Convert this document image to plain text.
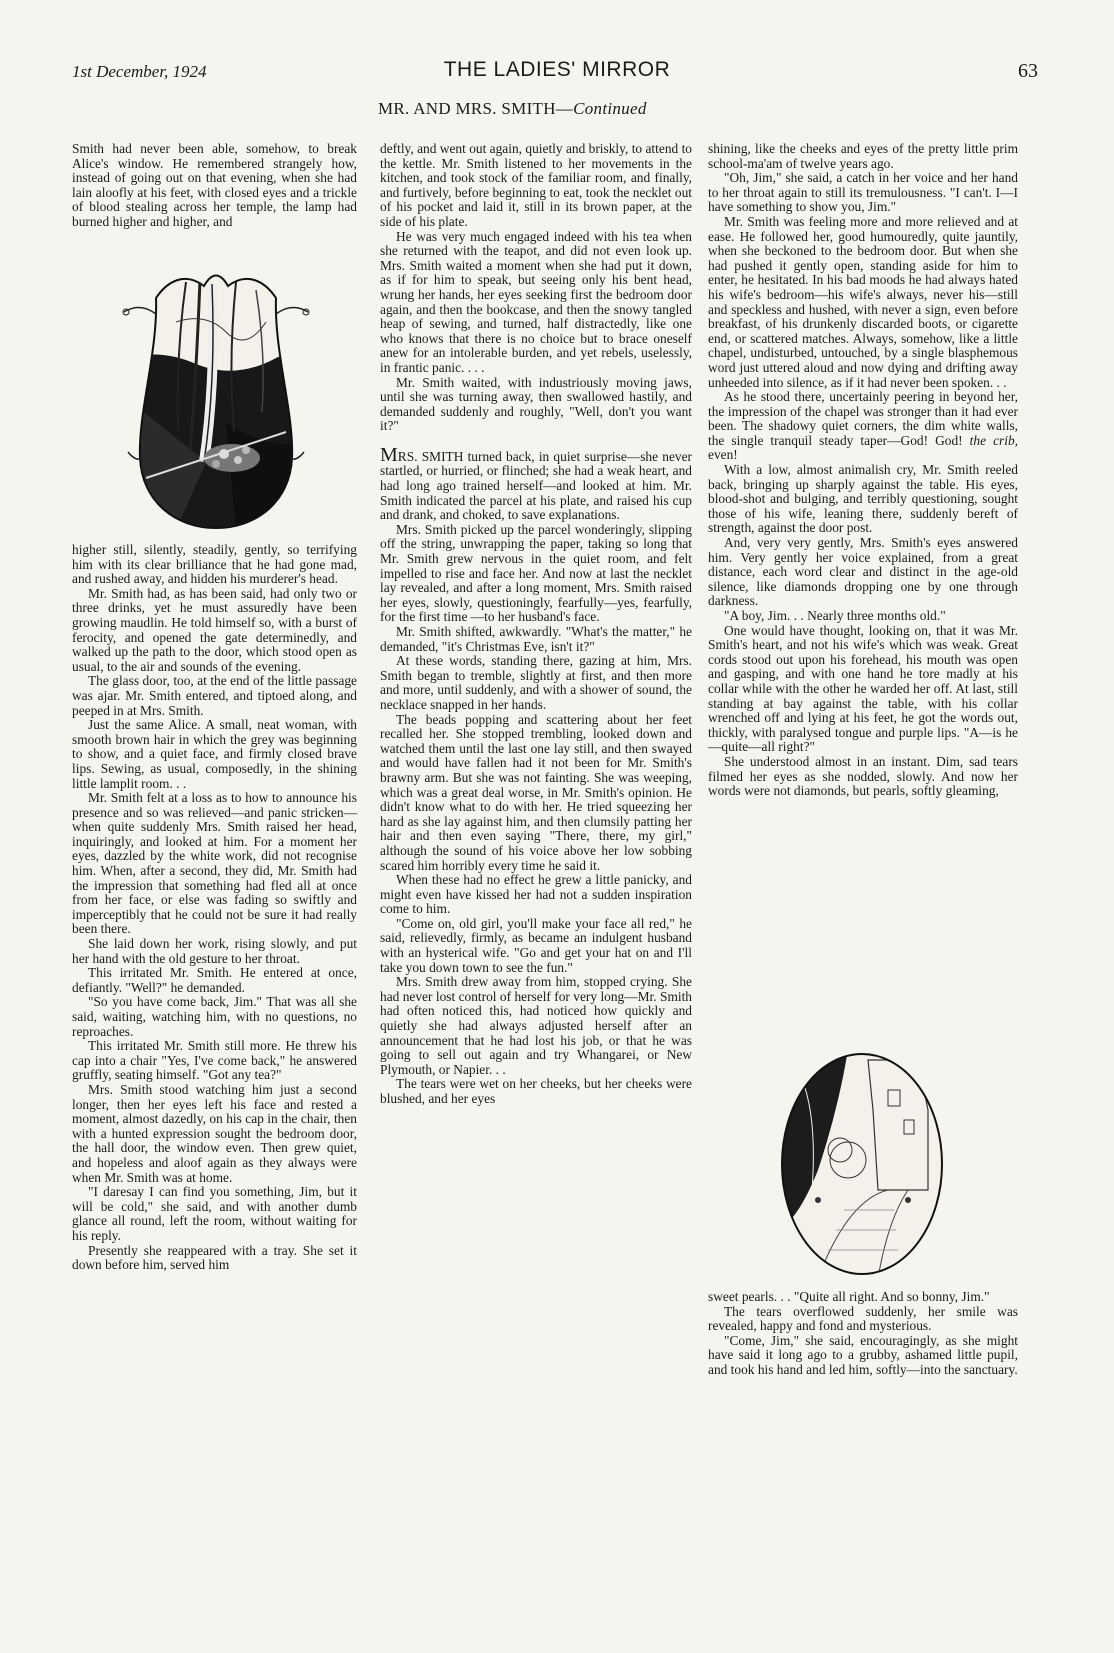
1st December, 1924	THE LADIES' MIRROR	63
MR. AND MRS. SMITH—Continued

Smith had never been able, somehow, to break Alice's window. He remembered strangely how, instead of going out on that evening, when she had lain aloofly at his feet, with closed eyes and a trickle of blood stealing across her temple, the lamp had burned higher and higher, and

higher still, silently, steadily, gently, so terrifying him with its clear brilliance that he had gone mad, and rushed away, and hidden his murderer's head.

Mr. Smith had, as has been said, had only two or three drinks, yet he must assuredly have been growing maudlin. He told himself so, with a burst of ferocity, and opened the gate determinedly, and walked up the path to the door, which stood open as usual, to the air and sounds of the evening.

The glass door, too, at the end of the little passage was ajar. Mr. Smith entered, and tiptoed along, and peeped in at Mrs. Smith.

Just the same Alice. A small, neat woman, with smooth brown hair in which the grey was beginning to show, and a quiet face, and firmly closed brave lips. Sewing, as usual, composedly, in the shining little lamplit room. . .

Mr. Smith felt at a loss as to how to announce his presence and so was relieved—and panic stricken—when quite suddenly Mrs. Smith raised her head, inquiringly, and looked at him. For a moment her eyes, dazzled by the white work, did not recognise him. When, after a second, they did, Mr. Smith had the impression that something had fled all at once from her face, or else was fading so swiftly and imperceptibly that he could not be sure it had really been there.

She laid down her work, rising slowly, and put her hand with the old gesture to her throat.

This irritated Mr. Smith. He entered at once, defiantly. "Well?" he demanded.

"So you have come back, Jim." That was all she said, waiting, watching him, with no questions, no reproaches.

This irritated Mr. Smith still more. He threw his cap into a chair "Yes, I've come back," he answered gruffly, seating himself. "Got any tea?"

Mrs. Smith stood watching him just a second longer, then her eyes left his face and rested a moment, almost dazedly, on his cap in the chair, then with a hunted expression sought the bedroom door, the hall door, the window even. Then grew quiet, and hopeless and aloof again as they always were when Mr. Smith was at home.

"I daresay I can find you something, Jim, but it will be cold," she said, and with another dumb glance all round, left the room, without waiting for his reply.

Presently she reappeared with a tray. She set it down before him, served him

deftly, and went out again, quietly and briskly, to attend to the kettle. Mr. Smith listened to her movements in the kitchen, and took stock of the familiar room, and finally, and furtively, before beginning to eat, took the necklet out of his pocket and laid it, still in its brown paper, at the side of his plate.

He was very much engaged indeed with his tea when she returned with the teapot, and did not even look up. Mrs. Smith waited a moment when she had put it down, as if for him to speak, but seeing only his bent head, wrung her hands, her eyes seeking first the bedroom door again, and then the bookcase, and then the snowy tangled heap of sewing, and turned, half distractedly, like one who knows that there is no choice but to brace oneself anew for an intolerable burden, and yet rebels, uselessly, in frantic panic. . . .

Mr. Smith waited, with industriously moving jaws, until she was turning away, then swallowed hastily, and demanded suddenly and roughly, "Well, don't you want it?"

MRS. SMITH turned back, in quiet surprise—she never startled, or hurried, or flinched; she had a weak heart, and had long ago trained herself—and looked at him. Mr. Smith indicated the parcel at his plate, and raised his cup and drank, and choked, to save explanations.

Mrs. Smith picked up the parcel wonderingly, slipping off the string, unwrapping the paper, taking so long that Mr. Smith grew nervous in the quiet room, and felt impelled to rise and face her. And now at last the necklet lay revealed, and after a long moment, Mrs. Smith raised her eyes, slowly, questioningly, fearfully—yes, fearfully, for the first time —to her husband's face.

Mr. Smith shifted, awkwardly. "What's the matter," he demanded, "it's Christmas Eve, isn't it?"

At these words, standing there, gazing at him, Mrs. Smith began to tremble, slightly at first, and then more and more, until suddenly, and with a shower of sound, the necklace snapped in her hands.

The beads popping and scattering about her feet recalled her. She stopped trembling, looked down and watched them until the last one lay still, and then swayed and would have fallen had it not been for Mr. Smith's brawny arm. But she was not fainting. She was weeping, which was a great deal worse, in Mr. Smith's opinion. He didn't know what to do with her. He tried squeezing her hard as she lay against him, and then clumsily patting her hair and then even saying "There, there, my girl," although the sound of his voice above her low sobbing scared him horribly every time he said it.

When these had no effect he grew a little panicky, and might even have kissed her had not a sudden inspiration come to him.

"Come on, old girl, you'll make your face all red," he said, relievedly, firmly, as became an indulgent husband with an hysterical wife. "Go and get your hat on and I'll take you down town to see the fun."

Mrs. Smith drew away from him, stopped crying. She had never lost control of herself for very long—Mr. Smith had often noticed this, had noticed how quickly and quietly she had always adjusted herself after an announcement that he had lost his job, or that he was going to sell out again and try Whangarei, or New Plymouth, or Napier. . .

The tears were wet on her cheeks, but her cheeks were blushed, and her eyes

shining, like the cheeks and eyes of the pretty little prim school-ma'am of twelve years ago.

"Oh, Jim," she said, a catch in her voice and her hand to her throat again to still its tremulousness. "I can't. I—I have something to show you, Jim."

Mr. Smith was feeling more and more relieved and at ease. He followed her, good humouredly, quite jauntily, when she beckoned to the bedroom door. But when she had pushed it gently open, standing aside for him to enter, he hesitated. In his bad moods he had always hated his wife's bedroom—his wife's always, never his—still and speckless and hushed, with never a sign, even before breakfast, of his drunkenly discarded boots, or cigarette end, or scattered matches. Always, somehow, like a little chapel, undisturbed, untouched, by a single blasphemous word just uttered aloud and now dying and drifting away unheeded into silence, as if it had never been spoken. . .

As he stood there, uncertainly peering in beyond her, the impression of the chapel was stronger than it had ever been. The shadowy quiet corners, the dim white walls, the single tranquil steady taper—God! God! the crib, even!

With a low, almost animalish cry, Mr. Smith reeled back, bringing up sharply against the table. His eyes, blood-shot and bulging, and terribly questioning, sought those of his wife, leaning there, suddenly bereft of strength, against the door post.

And, very very gently, Mrs. Smith's eyes answered him. Very gently her voice explained, from a great distance, each word clear and distinct in the age-old silence, like diamonds dropping one by one through darkness.

"A boy, Jim. . . Nearly three months old."

One would have thought, looking on, that it was Mr. Smith's heart, and not his wife's which was weak. Great cords stood out upon his forehead, his mouth was open and gasping, and with one hand he tore madly at his collar while with the other he warded her off. At last, still standing at bay against the table, with his collar wrenched off and lying at his feet, he got the words out, thickly, with paralysed tongue and purple lips. "A—is he —quite—all right?"

She understood almost in an instant. Dim, sad tears filmed her eyes as she nodded, slowly. And now her words were not diamonds, but pearls, softly gleaming,

sweet pearls. . . "Quite all right. And so bonny, Jim."

The tears overflowed suddenly, her smile was revealed, happy and fond and mysterious.

"Come, Jim," she said, encouragingly, as she might have said it long ago to a grubby, ashamed little pupil, and took his hand and led him, softly—into the sanctuary.
